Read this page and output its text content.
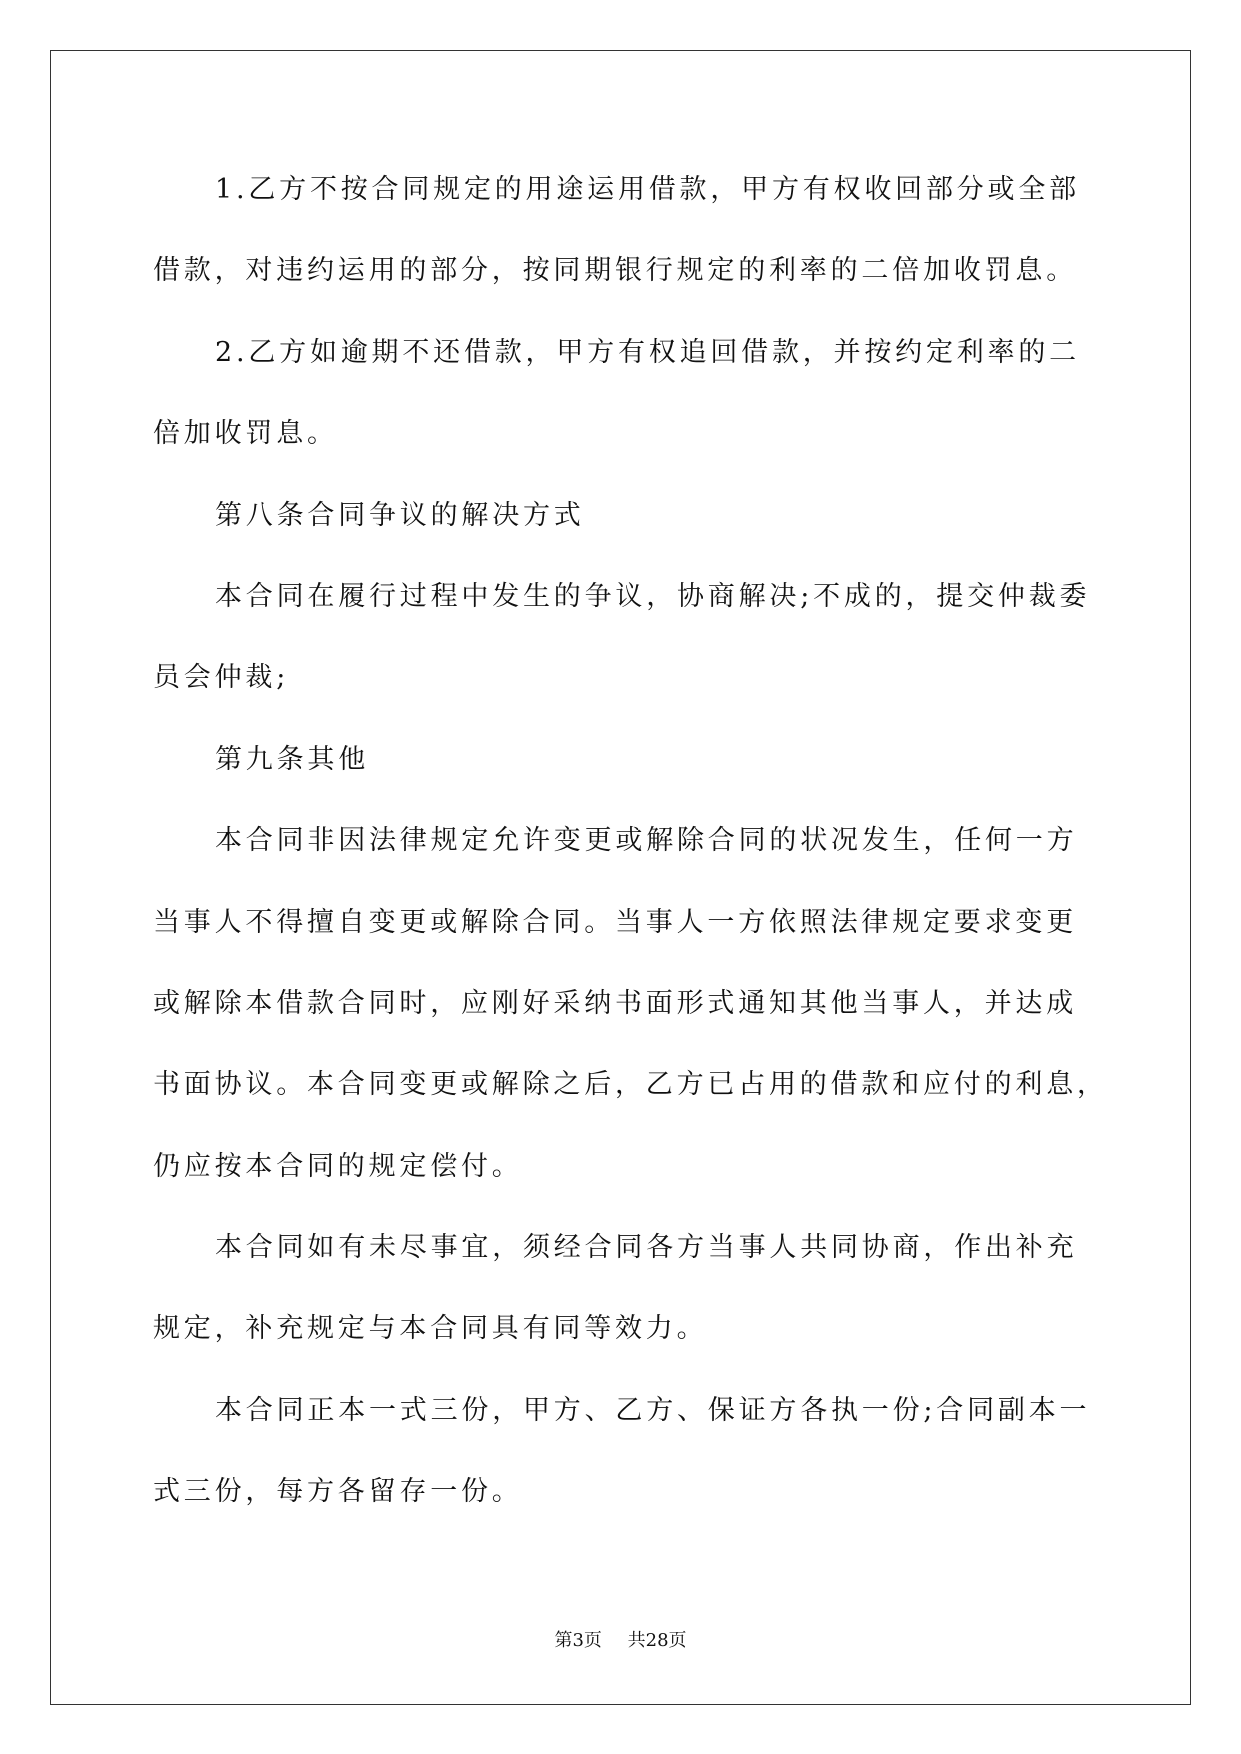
1.乙方不按合同规定的用途运用借款，甲方有权收回部分或全部
借款，对违约运用的部分，按同期银行规定的利率的二倍加收罚息。
2.乙方如逾期不还借款，甲方有权追回借款，并按约定利率的二
倍加收罚息。
第八条合同争议的解决方式
本合同在履行过程中发生的争议，协商解决;不成的，提交仲裁委
员会仲裁;
第九条其他
本合同非因法律规定允许变更或解除合同的状况发生，任何一方
当事人不得擅自变更或解除合同。当事人一方依照法律规定要求变更
或解除本借款合同时，应刚好采纳书面形式通知其他当事人，并达成
书面协议。本合同变更或解除之后，乙方已占用的借款和应付的利息，
仍应按本合同的规定偿付。
本合同如有未尽事宜，须经合同各方当事人共同协商，作出补充
规定，补充规定与本合同具有同等效力。
本合同正本一式三份，甲方、乙方、保证方各执一份;合同副本一
式三份，每方各留存一份。
第3页 共28页
